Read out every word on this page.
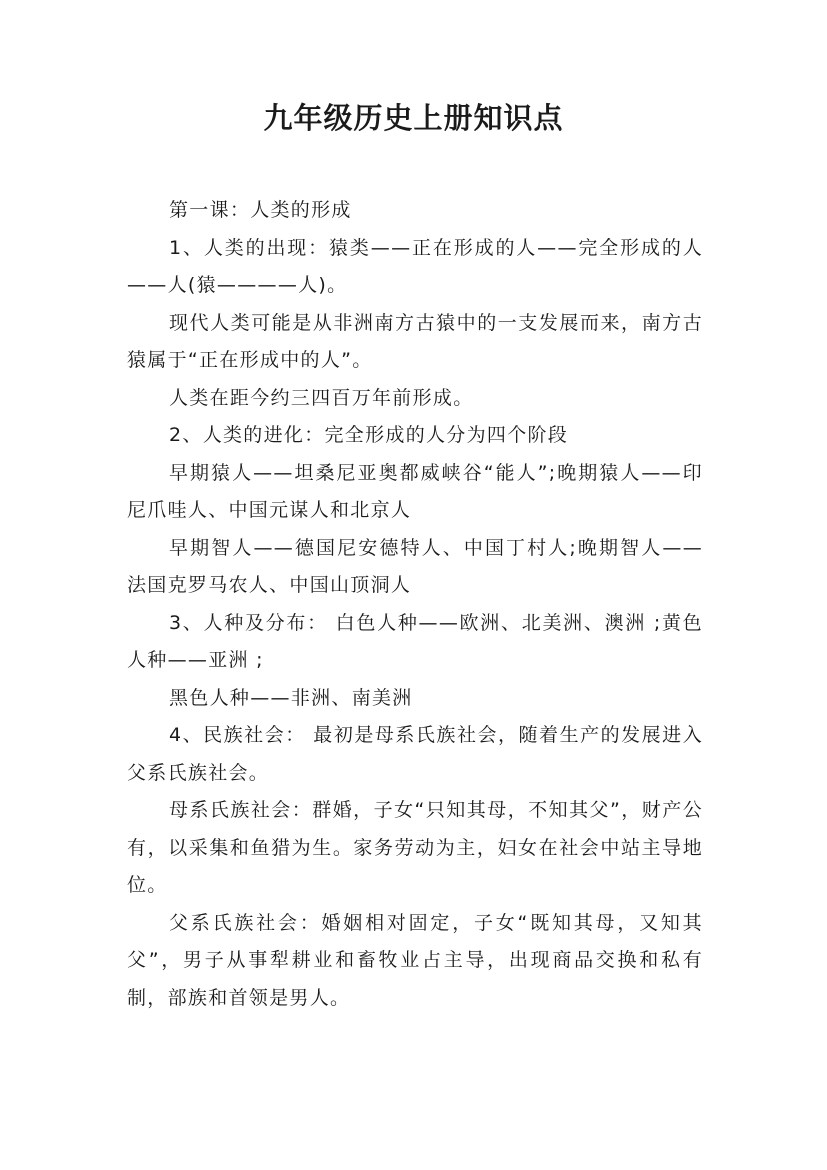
九年级历史上册知识点

第一课：人类的形成

1、人类的出现：猿类——正在形成的人——完全形成的人——人(猿————人)。

现代人类可能是从非洲南方古猿中的一支发展而来，南方古猿属于“正在形成中的人”。

人类在距今约三四百万年前形成。

2、人类的进化：完全形成的人分为四个阶段

早期猿人——坦桑尼亚奥都威峡谷“能人”;晚期猿人——印尼爪哇人、中国元谋人和北京人

早期智人——德国尼安德特人、中国丁村人;晚期智人——法国克罗马农人、中国山顶洞人

3、人种及分布： 白色人种——欧洲、北美洲、澳洲 ;黄色人种——亚洲 ;

黑色人种——非洲、南美洲

4、民族社会： 最初是母系氏族社会，随着生产的发展进入父系氏族社会。

母系氏族社会：群婚，子女“只知其母，不知其父”，财产公有，以采集和鱼猎为生。家务劳动为主，妇女在社会中站主导地位。

父系氏族社会：婚姻相对固定，子女“既知其母，又知其父”，男子从事犁耕业和畜牧业占主导，出现商品交换和私有制，部族和首领是男人。
